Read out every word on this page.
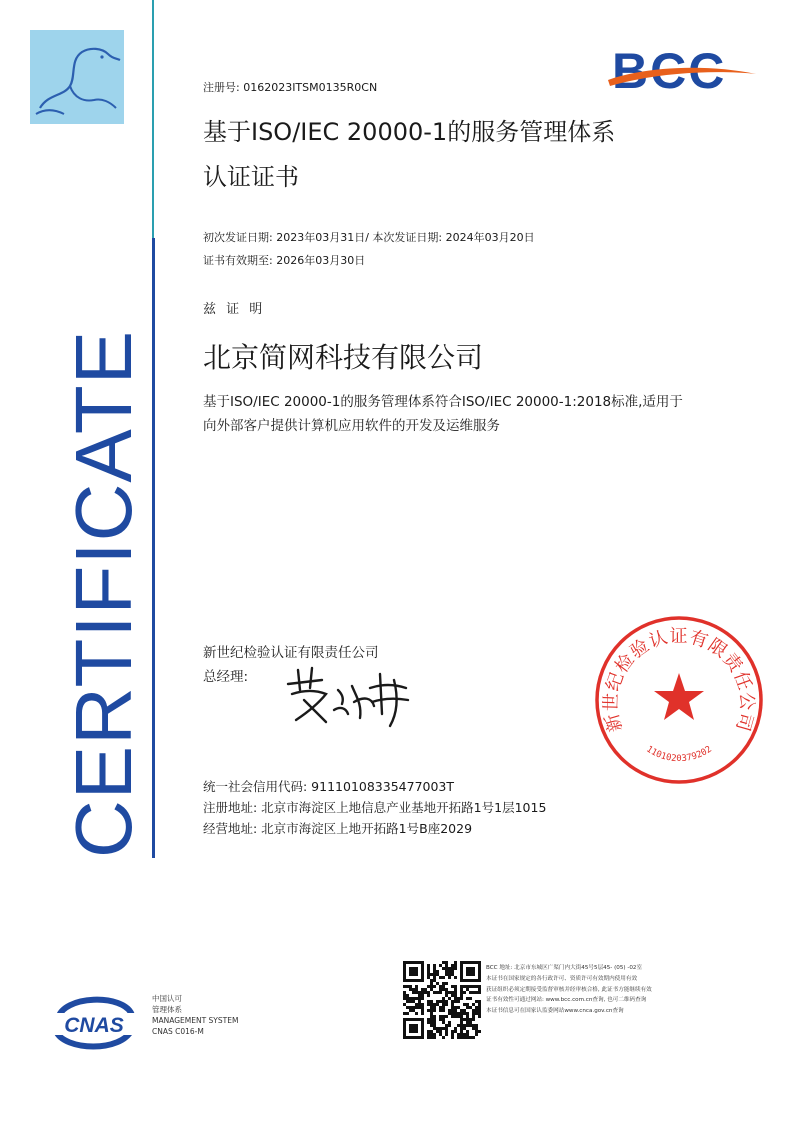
CERTIFICATE
BCC
注册号: 0162023ITSM0135R0CN
基于ISO/IEC 20000-1的服务管理体系
认证证书
初次发证日期: 2023年03月31日/ 本次发证日期: 2024年03月20日
证书有效期至: 2026年03月30日
兹 证 明
北京简网科技有限公司
基于ISO/IEC 20000-1的服务管理体系符合ISO/IEC 20000-1:2018标准,适用于
向外部客户提供计算机应用软件的开发及运维服务
新世纪检验认证有限责任公司
总经理:
新世纪检验认证有限责任公司
1101020379202
统一社会信用代码: 91110108335477003T
注册地址: 北京市海淀区上地信息产业基地开拓路1号1层1015
经营地址: 北京市海淀区上地开拓路1号B座2029
CNAS
中国认可
管理体系
MANAGEMENT SYSTEM
CNAS C016-M
BCC 地址: 北京市东城区广渠门内大街45号5层45- (05) -02室
本证书在国家规定的各行政许可、资质许可有效期内使用有效
获证组织必须定期接受监督审核并经审核合格, 此证书方能继续有效
证书有效性可通过网站: www.bcc.com.cn查询, 也可二维码查询
本证书信息可在国家认监委网站www.cnca.gov.cn查询
